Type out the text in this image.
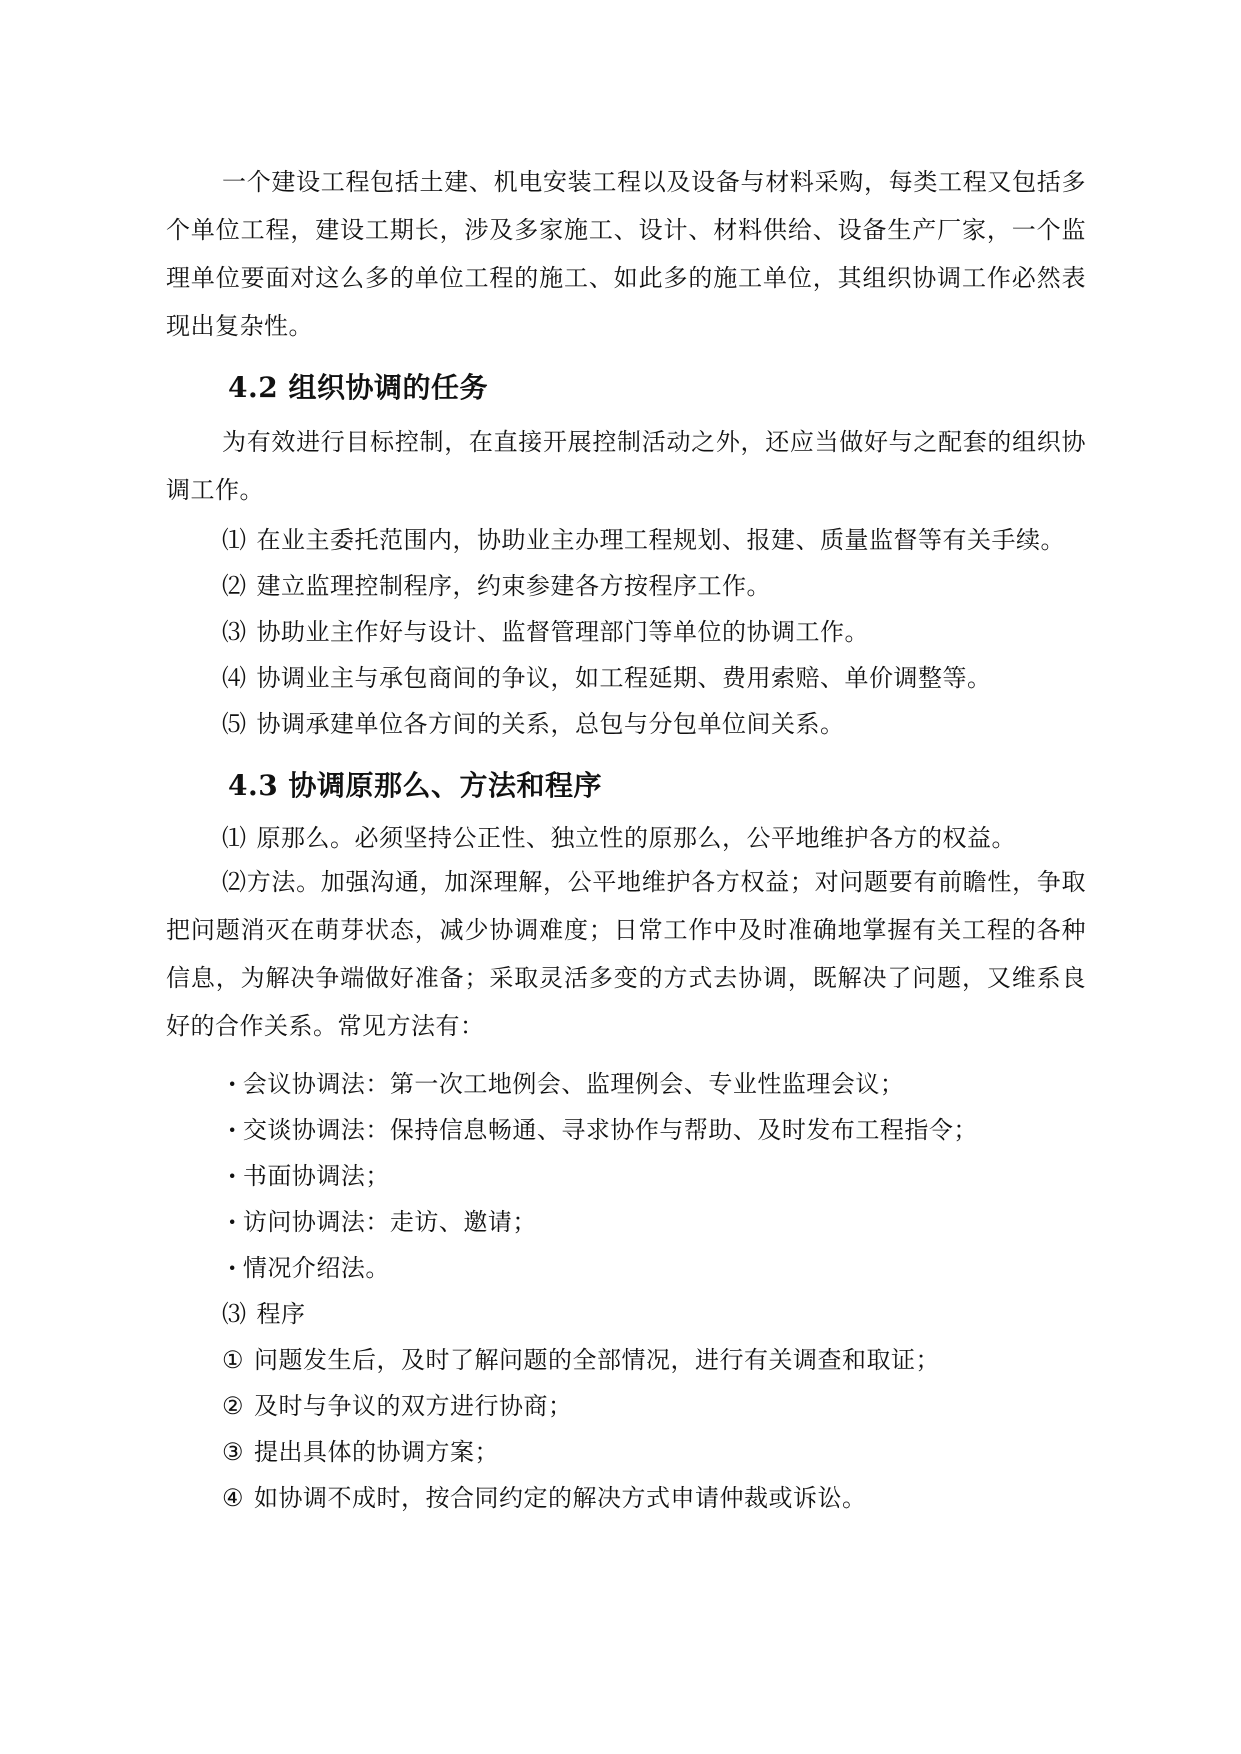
一个建设工程包括土建、机电安装工程以及设备与材料采购，每类工程又包括多个单位工程，建设工期长，涉及多家施工、设计、材料供给、设备生产厂家，一个监理单位要面对这么多的单位工程的施工、如此多的施工单位，其组织协调工作必然表现出复杂性。

4.2 组织协调的任务

为有效进行目标控制，在直接开展控制活动之外，还应当做好与之配套的组织协调工作。

⑴ 在业主委托范围内，协助业主办理工程规划、报建、质量监督等有关手续。

⑵ 建立监理控制程序，约束参建各方按程序工作。

⑶ 协助业主作好与设计、监督管理部门等单位的协调工作。

⑷ 协调业主与承包商间的争议，如工程延期、费用索赔、单价调整等。

⑸ 协调承建单位各方间的关系，总包与分包单位间关系。

4.3 协调原那么、方法和程序

⑴ 原那么。必须坚持公正性、独立性的原那么，公平地维护各方的权益。

⑵方法。加强沟通，加深理解，公平地维护各方权益；对问题要有前瞻性，争取把问题消灭在萌芽状态，减少协调难度；日常工作中及时准确地掌握有关工程的各种信息，为解决争端做好准备；采取灵活多变的方式去协调，既解决了问题，又维系良好的合作关系。常见方法有：

· 会议协调法：第一次工地例会、监理例会、专业性监理会议；

· 交谈协调法：保持信息畅通、寻求协作与帮助、及时发布工程指令；

· 书面协调法；

· 访问协调法：走访、邀请；

· 情况介绍法。

⑶ 程序

① 问题发生后，及时了解问题的全部情况，进行有关调查和取证；

② 及时与争议的双方进行协商；

③ 提出具体的协调方案；

④ 如协调不成时，按合同约定的解决方式申请仲裁或诉讼。
